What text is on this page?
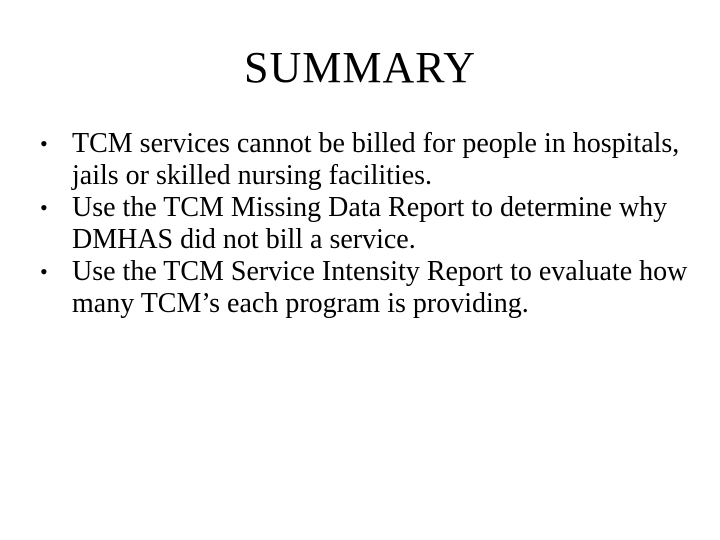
SUMMARY
• TCM services cannot be billed for people in hospitals, jails or skilled nursing facilities.
• Use the TCM Missing Data Report to determine why DMHAS did not bill a service.
• Use the TCM Service Intensity Report to evaluate how many TCM’s each program is providing.
